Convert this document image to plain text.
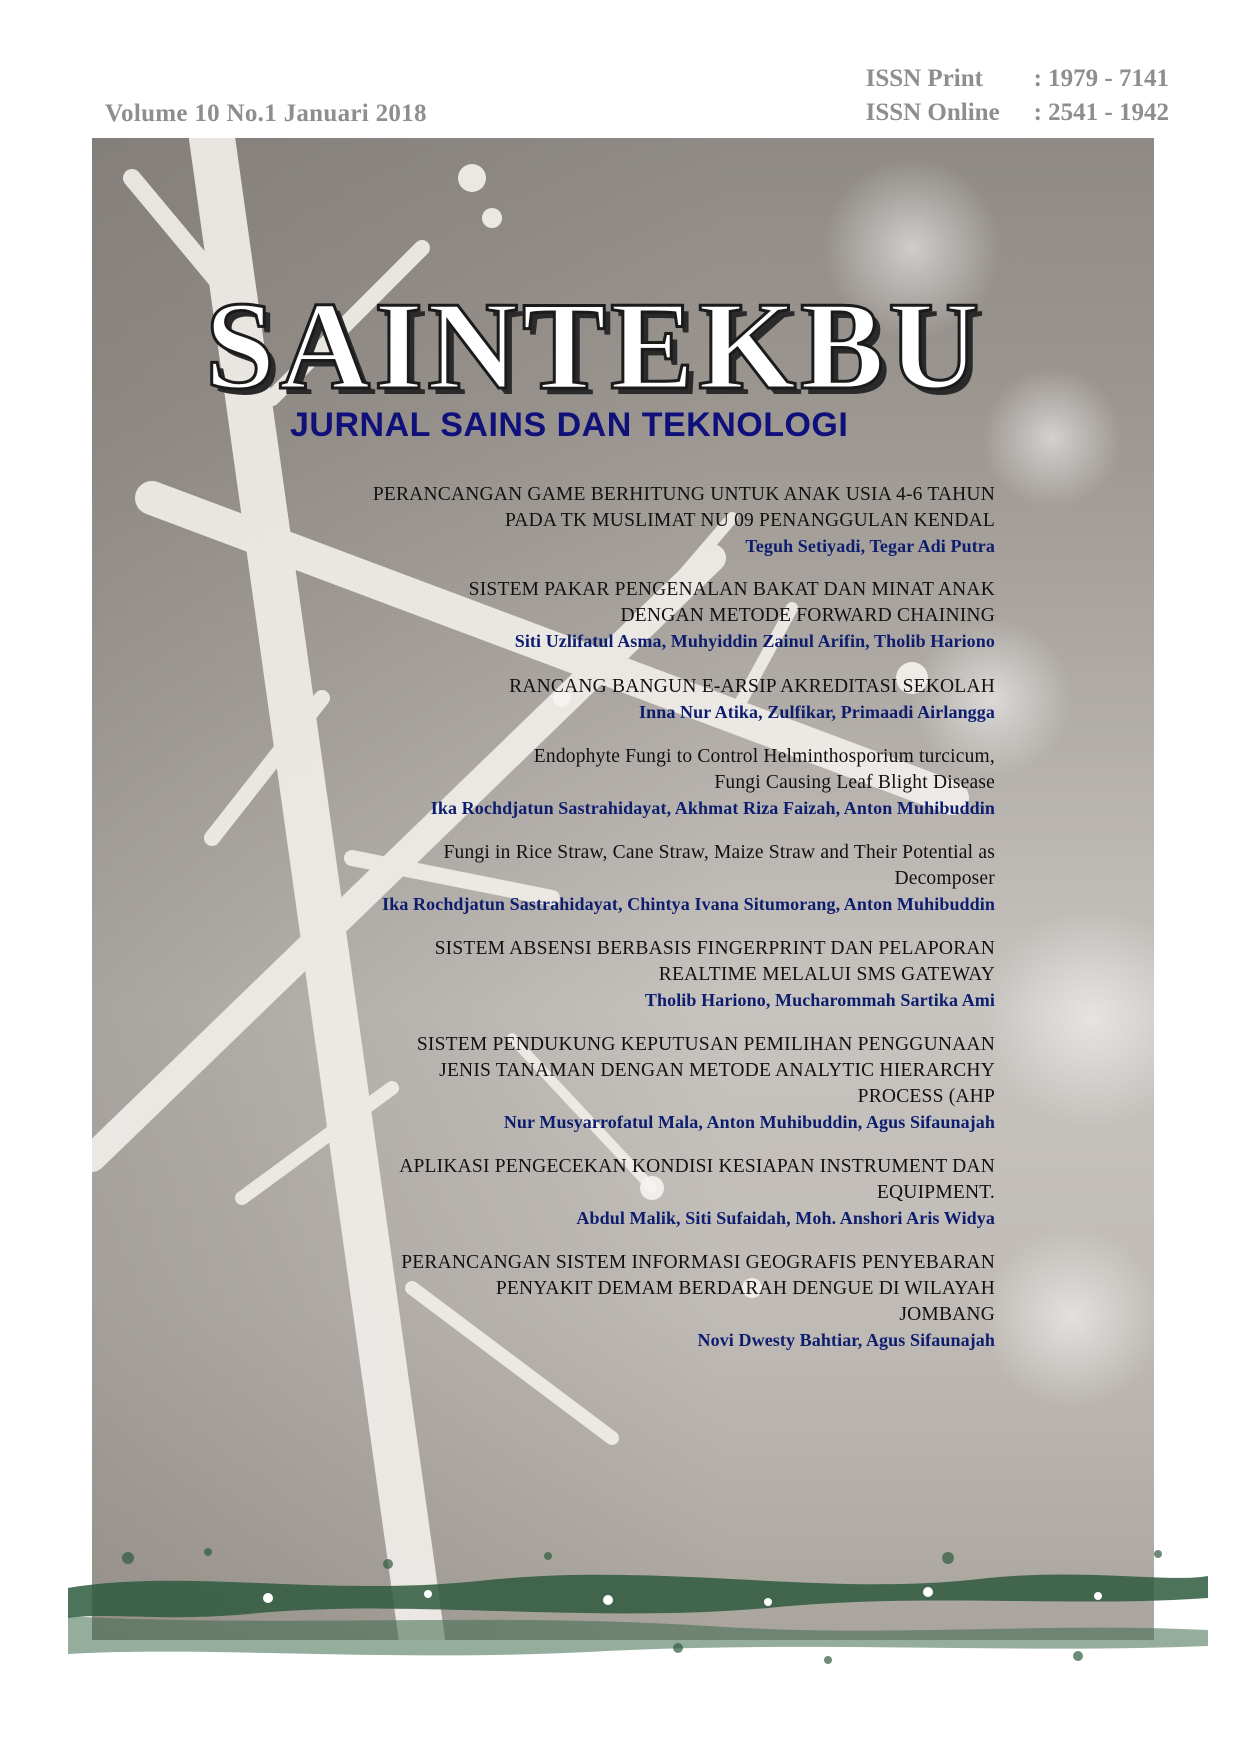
Volume 10 No.1 Januari 2018
ISSN Print	: 1979 - 7141
ISSN Online	: 2541 - 1942
SAINTEKBU
JURNAL SAINS DAN TEKNOLOGI
PERANCANGAN GAME BERHITUNG UNTUK ANAK USIA 4-6 TAHUN
PADA TK MUSLIMAT NU 09 PENANGGULAN KENDAL
Teguh Setiyadi, Tegar Adi Putra
SISTEM PAKAR PENGENALAN BAKAT DAN MINAT ANAK
DENGAN METODE FORWARD CHAINING
Siti Uzlifatul Asma, Muhyiddin Zainul Arifin, Tholib Hariono
RANCANG BANGUN E-ARSIP AKREDITASI SEKOLAH
Inna Nur Atika, Zulfikar, Primaadi Airlangga
Endophyte Fungi to Control Helminthosporium turcicum,
Fungi Causing Leaf Blight Disease
Ika Rochdjatun Sastrahidayat, Akhmat Riza Faizah, Anton Muhibuddin
Fungi in Rice Straw, Cane Straw, Maize Straw and Their Potential as
Decomposer
Ika Rochdjatun Sastrahidayat, Chintya Ivana Situmorang, Anton Muhibuddin
SISTEM ABSENSI BERBASIS FINGERPRINT DAN PELAPORAN
REALTIME MELALUI SMS GATEWAY
Tholib Hariono, Mucharommah Sartika Ami
SISTEM PENDUKUNG KEPUTUSAN PEMILIHAN PENGGUNAAN
JENIS TANAMAN DENGAN METODE ANALYTIC HIERARCHY
PROCESS (AHP
Nur Musyarrofatul Mala, Anton Muhibuddin, Agus Sifaunajah
APLIKASI PENGECEKAN KONDISI KESIAPAN INSTRUMENT DAN
EQUIPMENT.
Abdul Malik, Siti Sufaidah, Moh. Anshori Aris Widya
PERANCANGAN SISTEM INFORMASI GEOGRAFIS PENYEBARAN
PENYAKIT DEMAM BERDARAH DENGUE DI WILAYAH
JOMBANG
Novi Dwesty Bahtiar, Agus Sifaunajah
